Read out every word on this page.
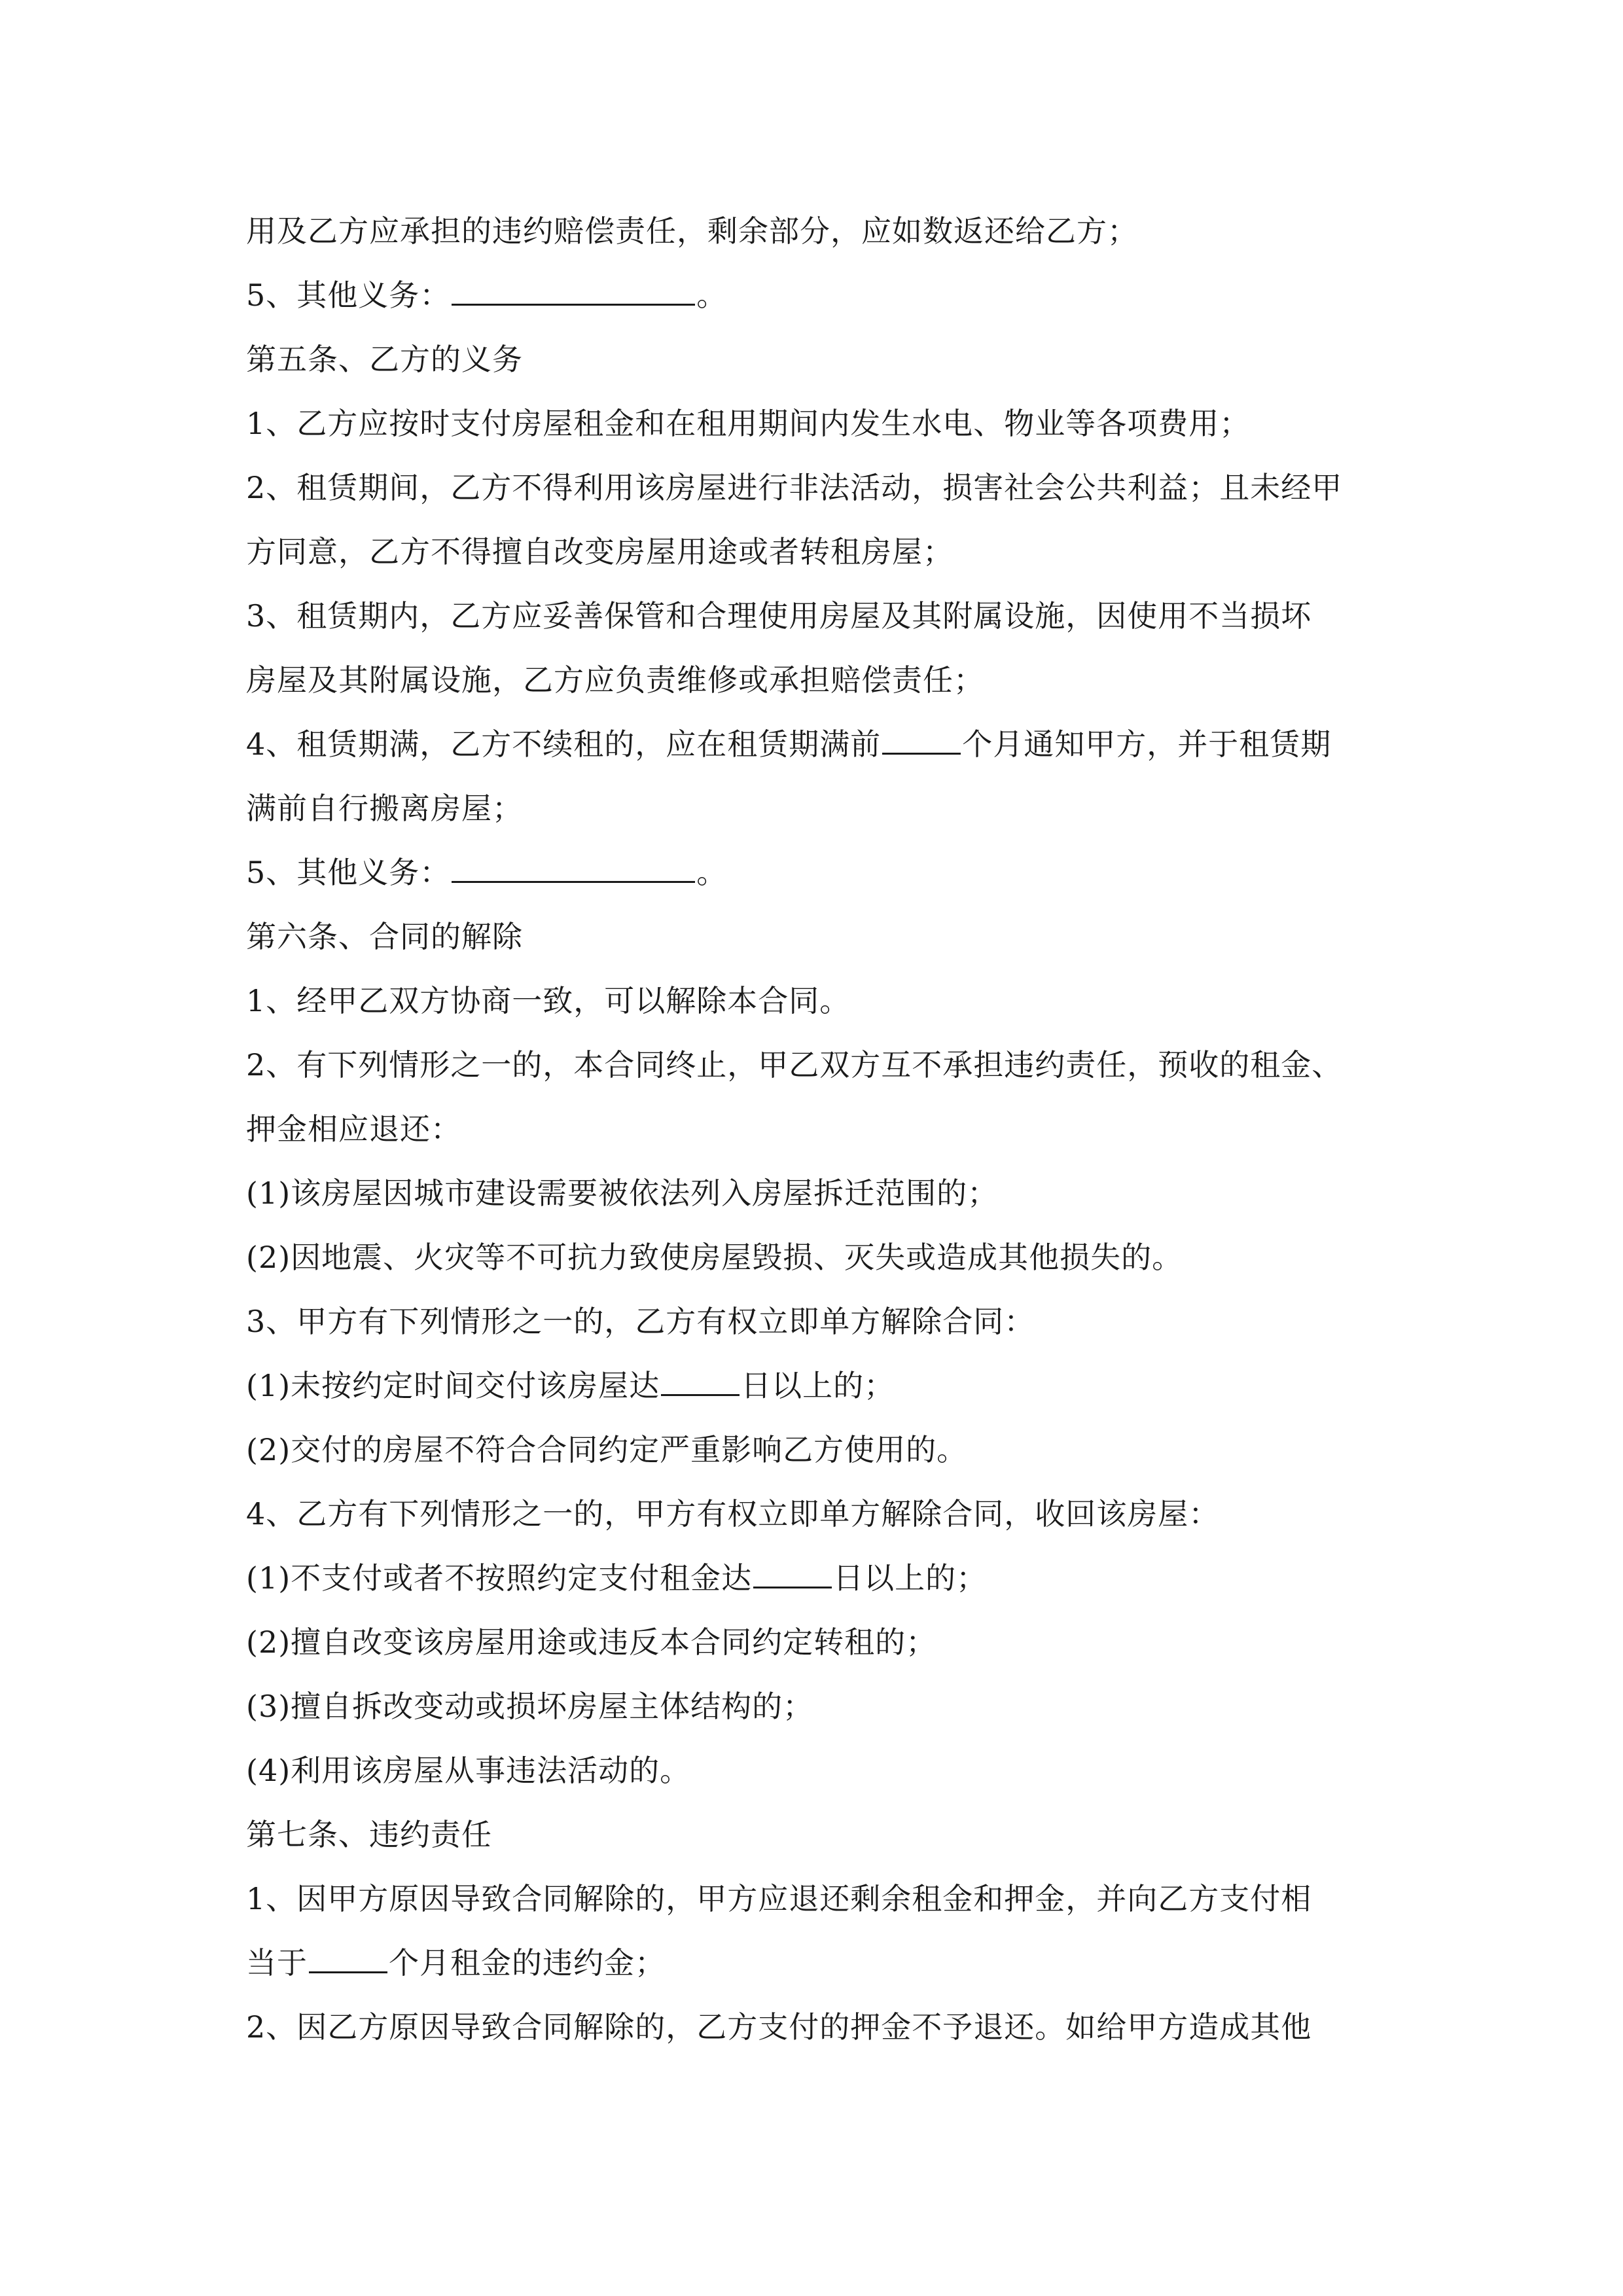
用及乙方应承担的违约赔偿责任，剩余部分，应如数返还给乙方；
5、其他义务：	。
第五条、乙方的义务
1、乙方应按时支付房屋租金和在租用期间内发生水电、物业等各项费用；
2、租赁期间，乙方不得利用该房屋进行非法活动，损害社会公共利益；且未经甲
方同意，乙方不得擅自改变房屋用途或者转租房屋；
3、租赁期内，乙方应妥善保管和合理使用房屋及其附属设施，因使用不当损坏
房屋及其附属设施，乙方应负责维修或承担赔偿责任；
4、租赁期满，乙方不续租的，应在租赁期满前	个月通知甲方，并于租赁期
满前自行搬离房屋；
5、其他义务：	。
第六条、合同的解除
1、经甲乙双方协商一致，可以解除本合同。
2、有下列情形之一的，本合同终止，甲乙双方互不承担违约责任，预收的租金、
押金相应退还：
(1)该房屋因城市建设需要被依法列入房屋拆迁范围的；
(2)因地震、火灾等不可抗力致使房屋毁损、灭失或造成其他损失的。
3、甲方有下列情形之一的，乙方有权立即单方解除合同：
(1)未按约定时间交付该房屋达	日以上的；
(2)交付的房屋不符合合同约定严重影响乙方使用的。
4、乙方有下列情形之一的，甲方有权立即单方解除合同，收回该房屋：
(1)不支付或者不按照约定支付租金达	日以上的；
(2)擅自改变该房屋用途或违反本合同约定转租的；
(3)擅自拆改变动或损坏房屋主体结构的；
(4)利用该房屋从事违法活动的。
第七条、违约责任
1、因甲方原因导致合同解除的，甲方应退还剩余租金和押金，并向乙方支付相
当于	个月租金的违约金；
2、因乙方原因导致合同解除的，乙方支付的押金不予退还。如给甲方造成其他
